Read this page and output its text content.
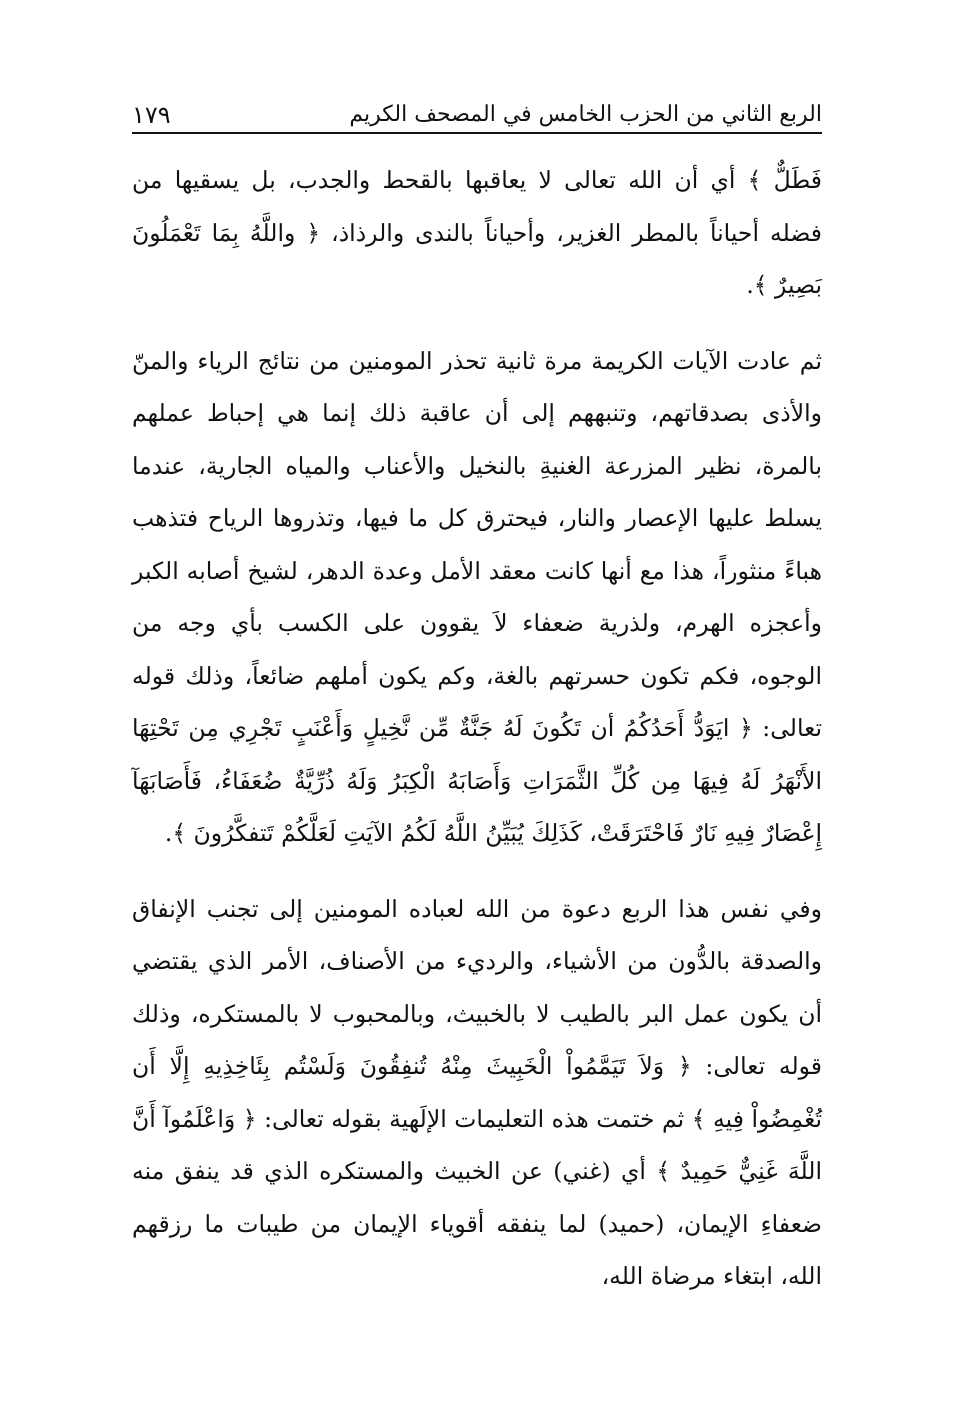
الربع الثاني من الحزب الخامس في المصحف الكريم
١٧٩

فَطَلٌّ ﴾ أي أن الله تعالى لا يعاقبها بالقحط والجدب، بل يسقيها من فضله أحياناً بالمطر الغزير، وأحياناً بالندى والرذاذ، ﴿ واللَّهُ بِمَا تَعْمَلُونَ بَصِيرٌ ﴾.

ثم عادت الآيات الكريمة مرة ثانية تحذر المومنين من نتائج الرياء والمنّ والأذى بصدقاتهم، وتنبههم إلى أن عاقبة ذلك إنما هي إحباط عملهم بالمرة، نظير المزرعة الغنيةِ بالنخيل والأعناب والمياه الجارية، عندما يسلط عليها الإعصار والنار، فيحترق كل ما فيها، وتذروها الرياح فتذهب هباءً منثوراً، هذا مع أنها كانت معقد الأمل وعدة الدهر، لشيخ أصابه الكبر وأعجزه الهرم، ولذرية ضعفاء لاَ يقوون على الكسب بأي وجه من الوجوه، فكم تكون حسرتهم بالغة، وكم يكون أملهم ضائعاً، وذلك قوله تعالى: ﴿ ايَوَدُّ أَحَدُكُمُ أن تَكُونَ لَهُ جَنَّةٌ مِّن نَّخِيلٍ وَأَعْنَبٍ تَجْرِي مِن تَحْتِهَا الأَنْهَرُ لَهُ فِيهَا مِن كُلِّ الثَّمَرَاتِ وَأَصَابَهُ الْكِبَرُ وَلَهُ ذُرِّيَّةٌ ضُعَفَاءُ، فَأَصَابَهَآ إِعْصَارٌ فِيهِ نَارٌ فَاحْتَرَقَتْ، كَذَلِكَ يُبَيِّنُ اللَّهُ لَكُمُ الآيَتِ لَعَلَّكُمْ تَتفكَّرُونَ ﴾.

وفي نفس هذا الربع دعوة من الله لعباده المومنين إلى تجنب الإنفاق والصدقة بالدُّون من الأشياء، والرديء من الأصناف، الأمر الذي يقتضي أن يكون عمل البر بالطيب لا بالخبيث، وبالمحبوب لا بالمستكره، وذلك قوله تعالى: ﴿ وَلاَ تَيَمَّمُواْ الْخَبِيثَ مِنْهُ تُنفِقُونَ وَلَسْتُم بِئَاخِذِيهِ إِلَّا أَن تُغْمِضُواْ فِيهِ ﴾ ثم ختمت هذه التعليمات الإلَهية بقوله تعالى: ﴿ وَاعْلَمُوآ أَنَّ اللَّهَ غَنِيٌّ حَمِيدٌ ﴾ أي (غني) عن الخبيث والمستكره الذي قد ينفق منه ضعفاءِ الإيمان، (حميد) لما ينفقه أقوياء الإيمان من طيبات ما رزقهم الله، ابتغاء مرضاة الله،
